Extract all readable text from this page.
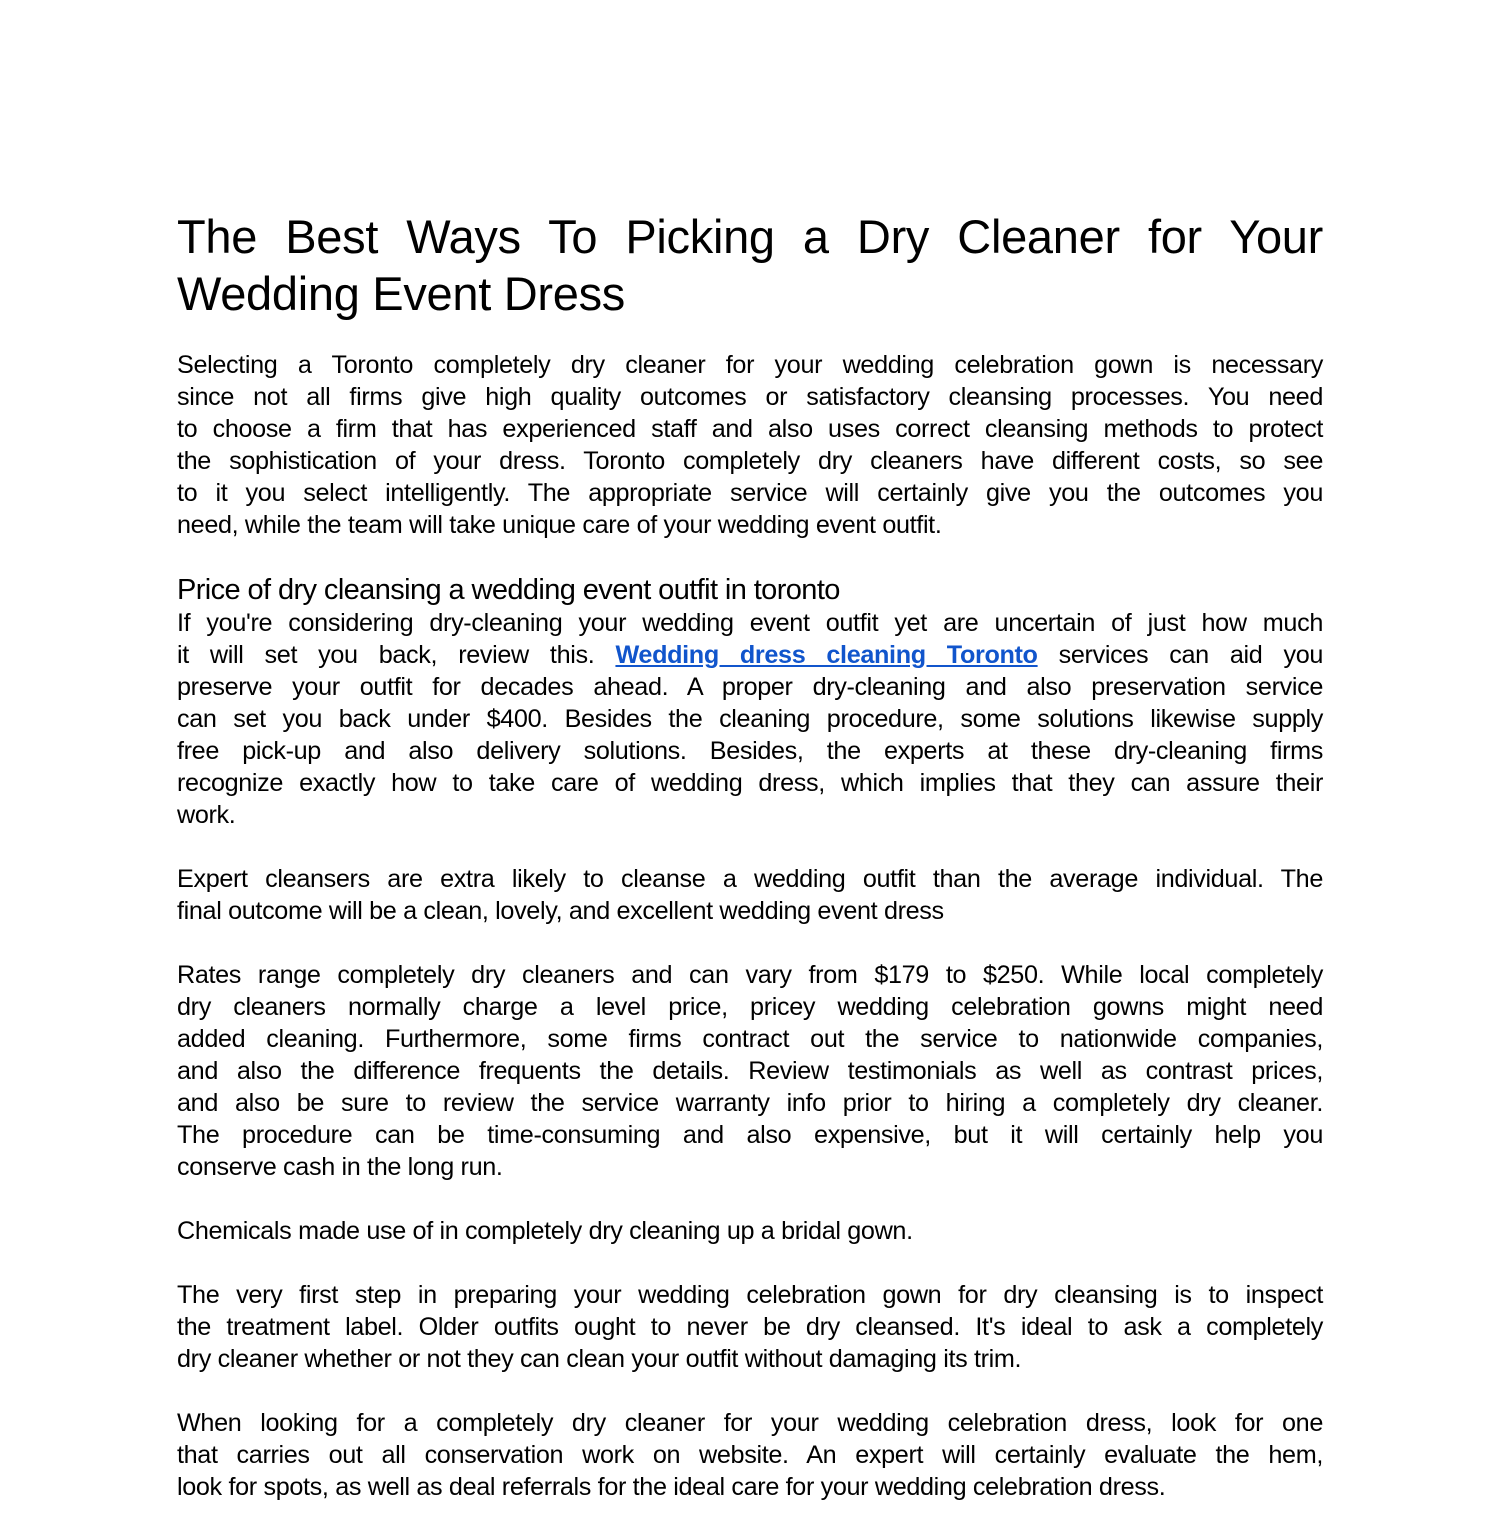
The Best Ways To Picking a Dry Cleaner for Your
Wedding Event Dress
Selecting a Toronto completely dry cleaner for your wedding celebration gown is necessary
since not all firms give high quality outcomes or satisfactory cleansing processes. You need
to choose a firm that has experienced staff and also uses correct cleansing methods to protect
the sophistication of your dress. Toronto completely dry cleaners have different costs, so see
to it you select intelligently. The appropriate service will certainly give you the outcomes you
need, while the team will take unique care of your wedding event outfit.
Price of dry cleansing a wedding event outfit in toronto
If you're considering dry-cleaning your wedding event outfit yet are uncertain of just how much
it will set you back, review this. Wedding dress cleaning Toronto services can aid you
preserve your outfit for decades ahead. A proper dry-cleaning and also preservation service
can set you back under $400. Besides the cleaning procedure, some solutions likewise supply
free pick-up and also delivery solutions. Besides, the experts at these dry-cleaning firms
recognize exactly how to take care of wedding dress, which implies that they can assure their
work.
Expert cleansers are extra likely to cleanse a wedding outfit than the average individual. The
final outcome will be a clean, lovely, and excellent wedding event dress
Rates range completely dry cleaners and can vary from $179 to $250. While local completely
dry cleaners normally charge a level price, pricey wedding celebration gowns might need
added cleaning. Furthermore, some firms contract out the service to nationwide companies,
and also the difference frequents the details. Review testimonials as well as contrast prices,
and also be sure to review the service warranty info prior to hiring a completely dry cleaner.
The procedure can be time-consuming and also expensive, but it will certainly help you
conserve cash in the long run.
Chemicals made use of in completely dry cleaning up a bridal gown.
The very first step in preparing your wedding celebration gown for dry cleansing is to inspect
the treatment label. Older outfits ought to never be dry cleansed. It's ideal to ask a completely
dry cleaner whether or not they can clean your outfit without damaging its trim.
When looking for a completely dry cleaner for your wedding celebration dress, look for one
that carries out all conservation work on website. An expert will certainly evaluate the hem,
look for spots, as well as deal referrals for the ideal care for your wedding celebration dress.
